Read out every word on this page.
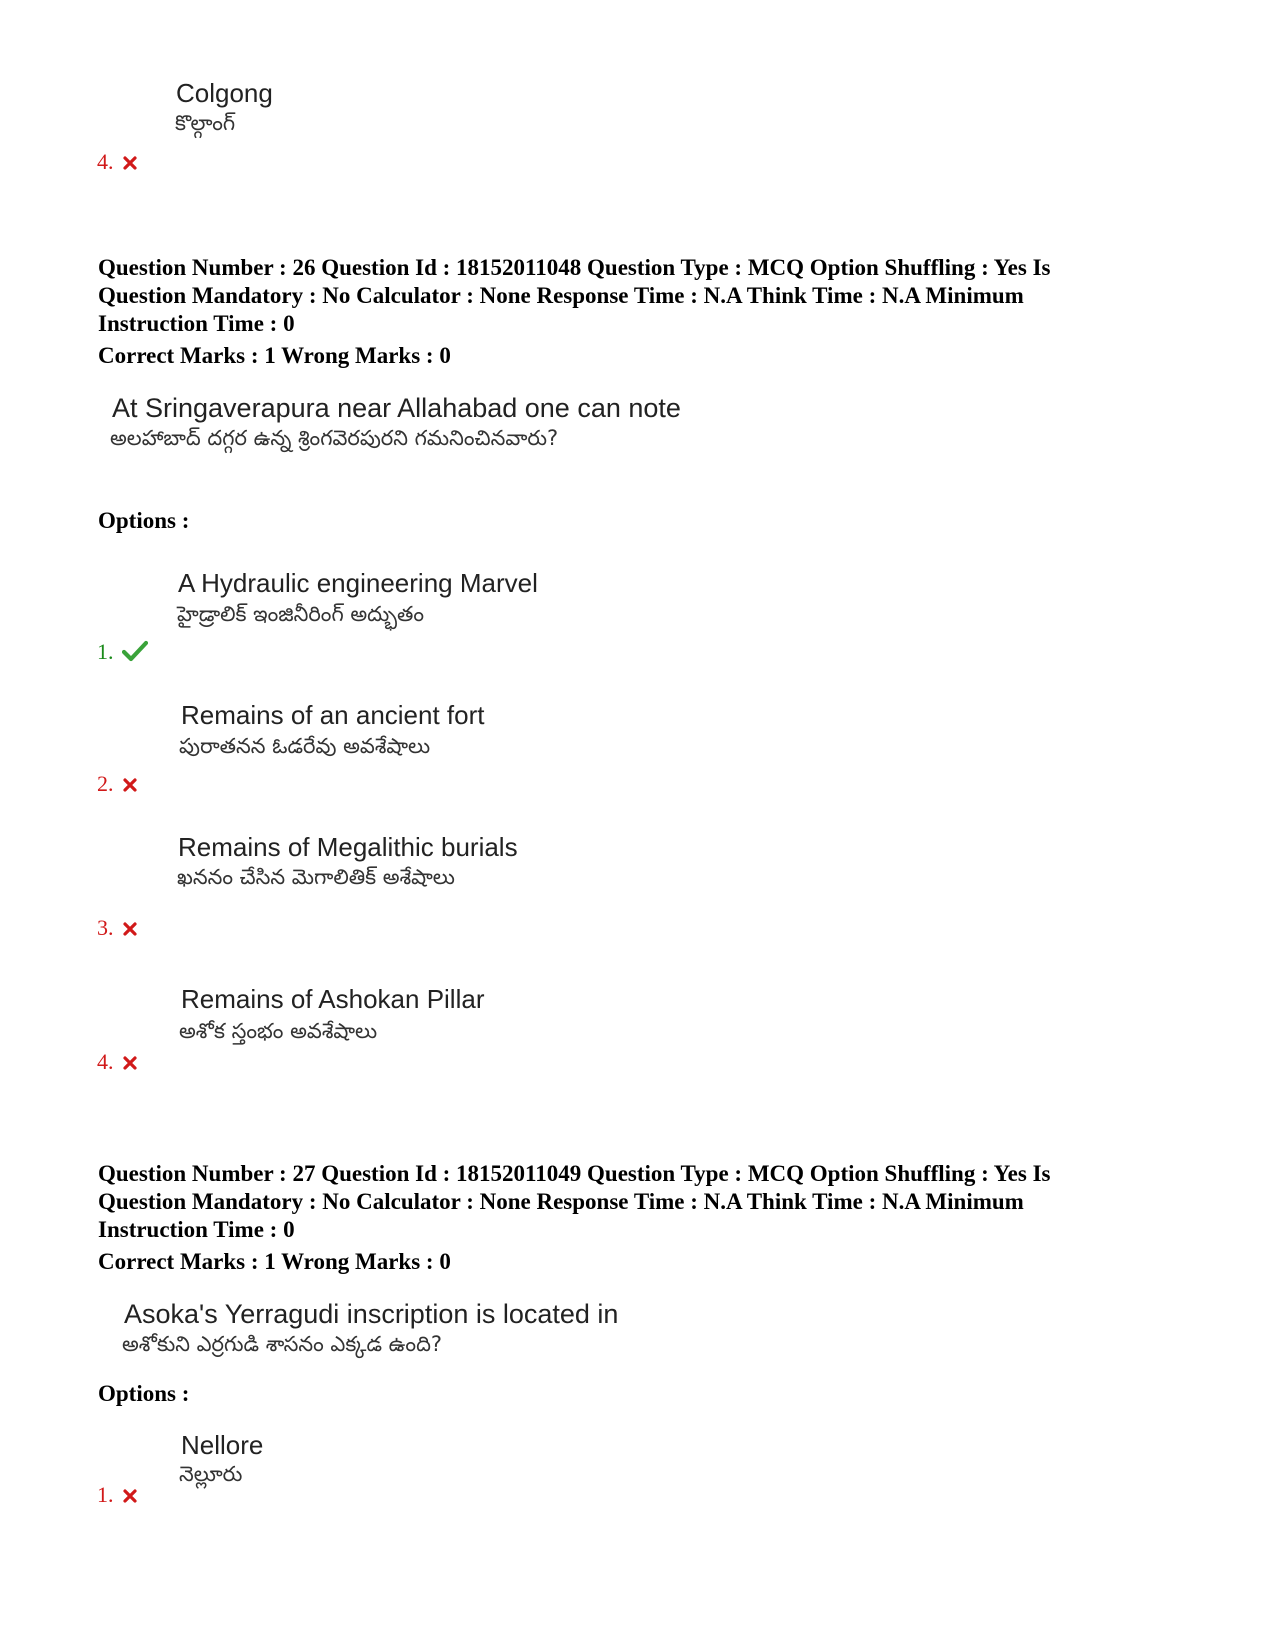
Colgong
కొల్గాంగ్
4.
Question Number : 26 Question Id : 18152011048 Question Type : MCQ Option Shuffling : Yes Is
Question Mandatory : No Calculator : None Response Time : N.A Think Time : N.A Minimum
Instruction Time : 0
Correct Marks : 1 Wrong Marks : 0
At Sringaverapura near Allahabad one can note
అలహాబాద్ దగ్గర ఉన్న శ్రింగవెరపురని గమనించినవారు?
Options :
A Hydraulic engineering Marvel
హైడ్రాలిక్ ఇంజినీరింగ్ అద్భుతం
1.
Remains of an ancient fort
పురాతనన ఓడరేవు అవశేషాలు
2.
Remains of Megalithic burials
ఖననం చేసిన మెగాలితిక్ అశేషాలు
3.
Remains of Ashokan Pillar
అశోక స్తంభం అవశేషాలు
4.
Question Number : 27 Question Id : 18152011049 Question Type : MCQ Option Shuffling : Yes Is
Question Mandatory : No Calculator : None Response Time : N.A Think Time : N.A Minimum
Instruction Time : 0
Correct Marks : 1 Wrong Marks : 0
Asoka's Yerragudi inscription is located in
అశోకుని ఎర్రగుడి శాసనం ఎక్కడ ఉంది?
Options :
Nellore
నెల్లూరు
1.
